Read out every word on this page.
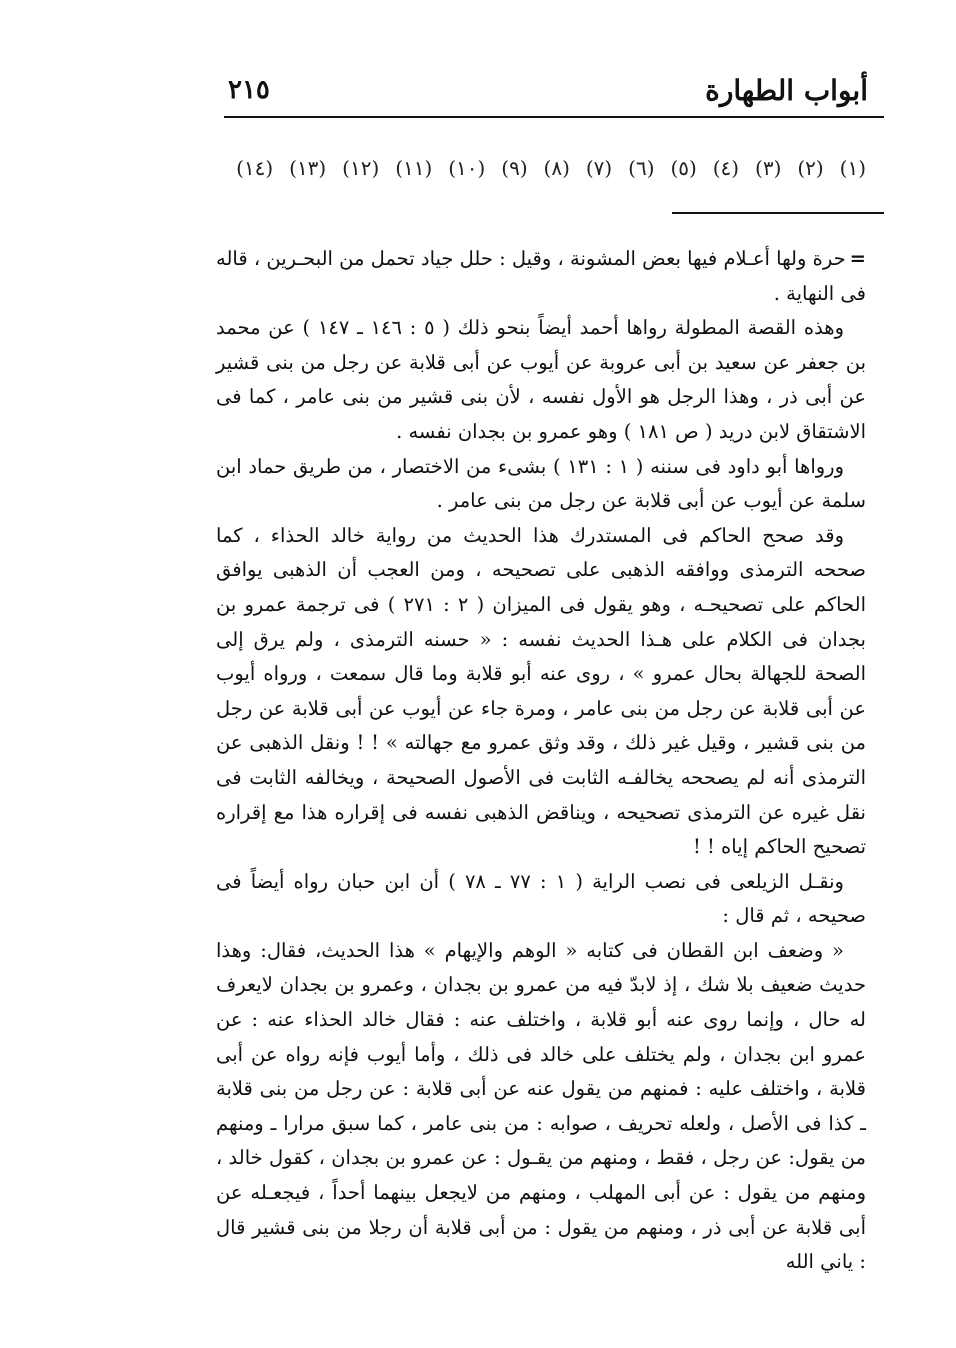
أبواب الطهارة
٢١٥
(١)
(٢)
(٣)
(٤)
(٥)
(٦)
(٧)
(٨)
(٩)
(١٠)
(١١)
(١٢)
(١٣)
(١٤)

=حرة ولها أعـلام فيها بعض المشونة ، وقيل : حلل جياد تحمل من البحـرين ، قاله فى النهاية .

وهذه القصة المطولة رواها أحمد أيضاً بنحو ذلك ( ٥ : ١٤٦ ـ ١٤٧ ) عن محمد بن جعفر عن سعيد بن أبى عروبة عن أيوب عن أبى قلابة عن رجل من بنى قشير عن أبى ذر ، وهذا الرجل هو الأول نفسه ، لأن بنى قشير من بنى عامر ، كما فى الاشتقاق لابن دريد ( ص ١٨١ ) وهو عمرو بن بجدان نفسه .

ورواها أبو داود فى سننه ( ١ : ١٣١ ) بشىء من الاختصار ، من طريق حماد ابن سلمة عن أيوب عن أبى قلابة عن رجل من بنى عامر .

وقد صحح الحاكم فى المستدرك هذا الحديث من رواية خالد الحذاء ، كما صححه الترمذى ووافقه الذهبى على تصحيحه ، ومن العجب أن الذهبى يوافق الحاكم على تصحيحـه ، وهو يقول فى الميزان ( ٢ : ٢٧١ ) فى ترجمة عمرو بن بجدان فى الكلام على هـذا الحديث نفسه : « حسنه الترمذى ، ولم يرق إلى الصحة للجهالة بحال عمرو » ، روى عنه أبو قلابة وما قال سمعت ، ورواه أيوب عن أبى قلابة عن رجل من بنى عامر ، ومرة جاء عن أيوب عن أبى قلابة عن رجل من بنى قشير ، وقيل غير ذلك ، وقد وثق عمرو مع جهالته » ! ! ونقل الذهبى عن الترمذى أنه لم يصححه يخالفـه الثابت فى الأصول الصحيحة ، ويخالفه الثابت فى نقل غيره عن الترمذى تصحيحه ، ويناقض الذهبى نفسه فى إقراره هذا مع إقراره تصحيح الحاكم إياه ! !

ونقـل الزيلعى فى نصب الراية ( ١ : ٧٧ ـ ٧٨ ) أن ابن حبان رواه أيضاً فى صحيحه ، ثم قال :

« وضعف ابن القطان فى كتابه « الوهم والإيهام » هذا الحديث، فقال: وهذا حديث ضعيف بلا شك ، إذ لابدّ فيه من عمرو بن بجدان ، وعمرو بن بجدان لايعرف له حال ، وإنما روى عنه أبو قلابة ، واختلف عنه : فقال خالد الحذاء عنه : عن عمرو ابن بجدان ، ولم يختلف على خالد فى ذلك ، وأما أيوب فإنه رواه عن أبى قلابة ، واختلف عليه : فمنهم من يقول عنه عن أبى قلابة : عن رجل من بنى قلابة ـ كذا فى الأصل ، ولعله تحريف ، صوابه : من بنى عامر ، كما سبق مرارا ـ ومنهم من يقول: عن رجل ، فقط ، ومنهم من يقـول : عن عمرو بن بجدان ، كقول خالد ، ومنهم من يقول : عن أبى المهلب ، ومنهم من لايجعل بينهما أحداً ، فيجعـله عن أبى قلابة عن أبى ذر ، ومنهم من يقول : من أبى قلابة أن رجلا من بنى قشير قال : ياني الله
